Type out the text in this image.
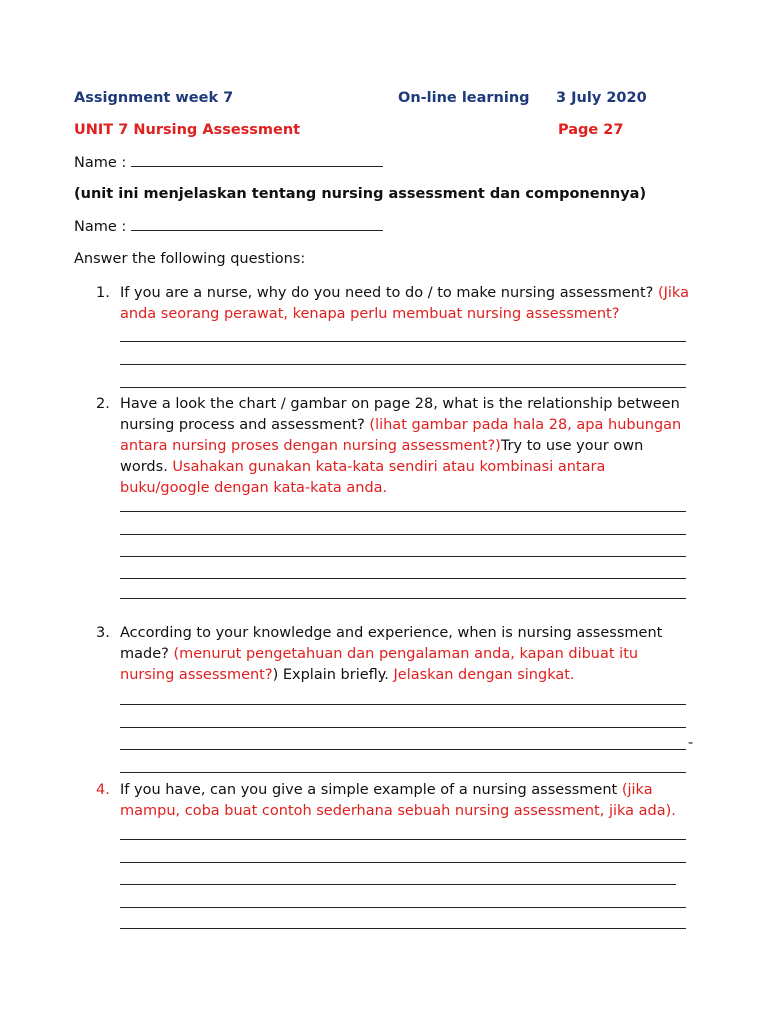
Assignment week 7	On-line learning 3 July 2020
UNIT 7 Nursing Assessment	Page 27
Name :
(unit ini menjelaskan tentang nursing assessment dan componennya)
Name :
Answer the following questions:
1. If you are a nurse, why do you need to do / to make nursing assessment? (Jika anda seorang perawat, kenapa perlu membuat nursing assessment?
2. Have a look the chart / gambar on page 28, what is the relationship between nursing process and assessment? (lihat gambar pada hala 28, apa hubungan antara nursing proses dengan nursing assessment?)Try to use your own words. Usahakan gunakan kata-kata sendiri atau kombinasi antara buku/google dengan kata-kata anda.
3. According to your knowledge and experience, when is nursing assessment made? (menurut pengetahuan dan pengalaman anda, kapan dibuat itu nursing assessment?) Explain briefly. Jelaskan dengan singkat.
-
4. If you have, can you give a simple example of a nursing assessment (jika mampu, coba buat contoh sederhana sebuah nursing assessment, jika ada).
